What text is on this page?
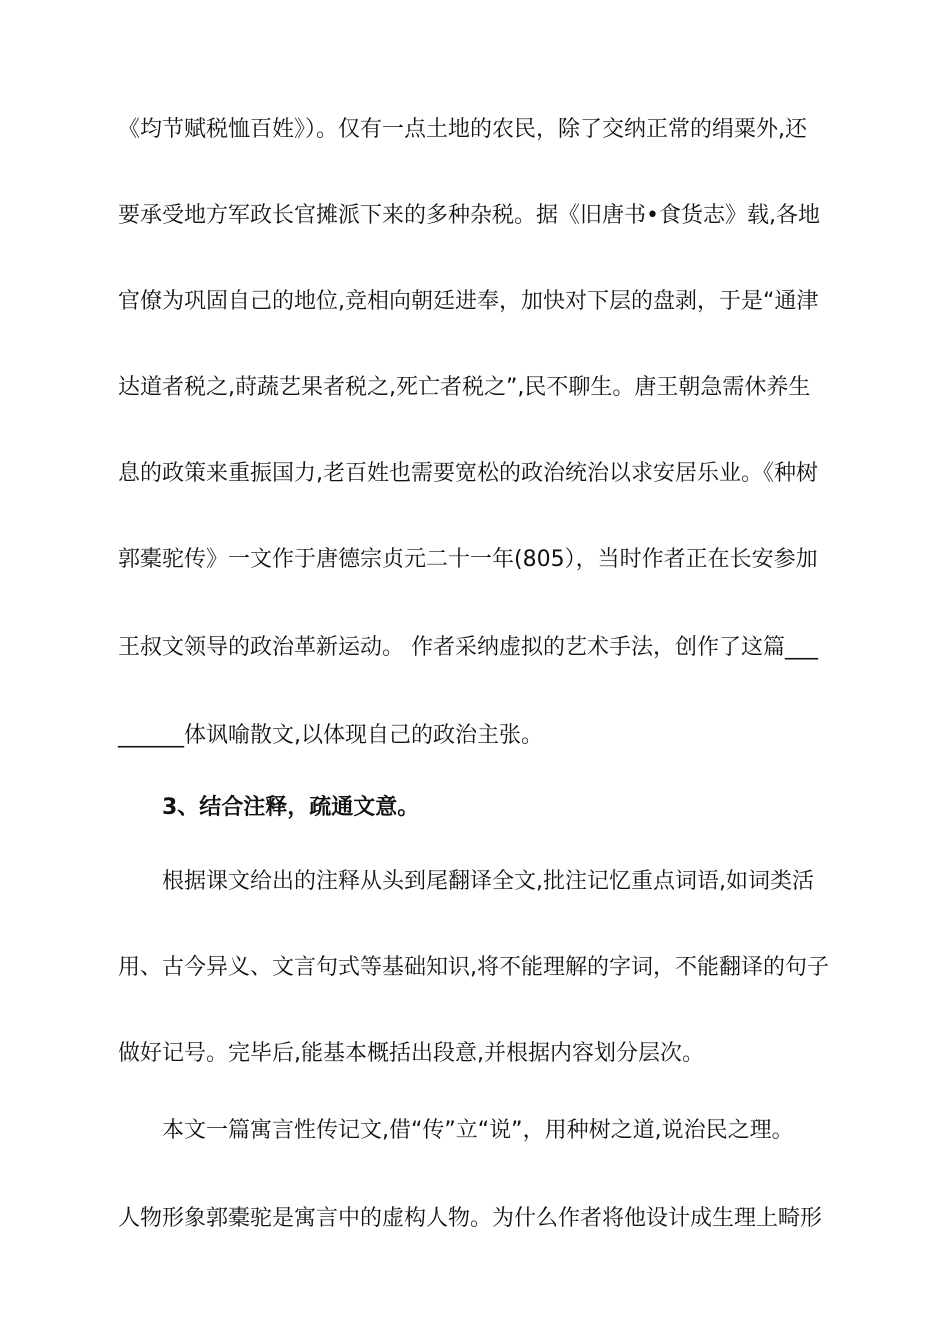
《均节赋税恤百姓》）。仅有一点土地的农民，除了交纳正常的绢粟外,还
要承受地方军政长官摊派下来的多种杂税。据《旧唐书•食货志》载,各地
官僚为巩固自己的地位,竞相向朝廷进奉，加快对下层的盘剥，于是“通津
达道者税之,莳蔬艺果者税之,死亡者税之”,民不聊生。唐王朝急需休养生
息的政策来重振国力,老百姓也需要宽松的政治统治以求安居乐业。《种树
郭橐驼传》一文作于唐德宗贞元二十一年(805），当时作者正在长安参加
王叔文领导的政治革新运动。 作者采纳虚拟的艺术手法，创作了这篇___
______体讽喻散文,以体现自己的政治主张。
3、结合注释，疏通文意。
根据课文给出的注释从头到尾翻译全文,批注记忆重点词语,如词类活
用、古今异义、文言句式等基础知识,将不能理解的字词，不能翻译的句子
做好记号。完毕后,能基本概括出段意,并根据内容划分层次。
本文一篇寓言性传记文,借“传”立“说”，用种树之道,说治民之理。
人物形象郭橐驼是寓言中的虚构人物。为什么作者将他设计成生理上畸形
